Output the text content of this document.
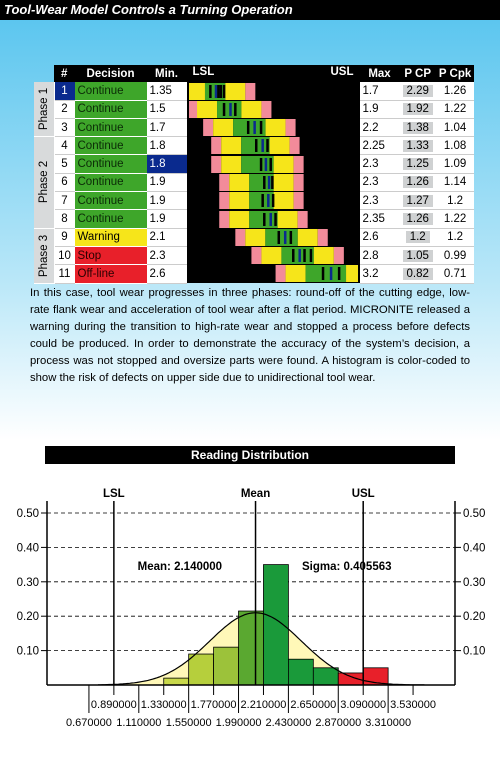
Tool-Wear Model Controls a Turning Operation
	#	Decision	Min.		LSL USL		Max	P CP	P Cpk

Phase 1	1	Continue	1.35				1.7	2.29	1.26
	2	Continue	1.5				1.9	1.92	1.22
	3	Continue	1.7				2.2	1.38	1.04

Phase 2	4	Continue	1.8				2.25	1.33	1.08
	5	Continue	1.8				2.3	1.25	1.09
	6	Continue	1.9				2.3	1.26	1.14
	7	Continue	1.9				2.3	1.27	1.2
	8	Continue	1.9				2.35	1.26	1.22

Phase 3	9	Warning	2.1				2.6	1.2	1.2
	10	Stop	2.3				2.8	1.05	0.99
	11	Off-line	2.6				3.2	0.82	0.71
In this case, tool wear progresses in three phases: round-off of the cutting edge, low-rate flank wear and acceleration of tool wear after a flat period. MICRONITE released a warning during the transition to high-rate wear and stopped a process before defects could be produced. In order to demonstrate the accuracy of the system’s decision, a process was not stopped and oversize parts were found. A histogram is color-coded to show the risk of defects on upper side due to unidirectional tool wear.
Reading Distribution
0.10	0.10
0.20	0.20
0.30	0.30
0.40	0.40
0.50	0.50
LSL	Mean	USL
Mean: 2.140000	Sigma: 0.405563
0.890000 1.330000 1.770000 2.210000 2.650000 3.090000 3.530000
0.670000 1.110000 1.550000 1.990000 2.430000 2.870000 3.310000
